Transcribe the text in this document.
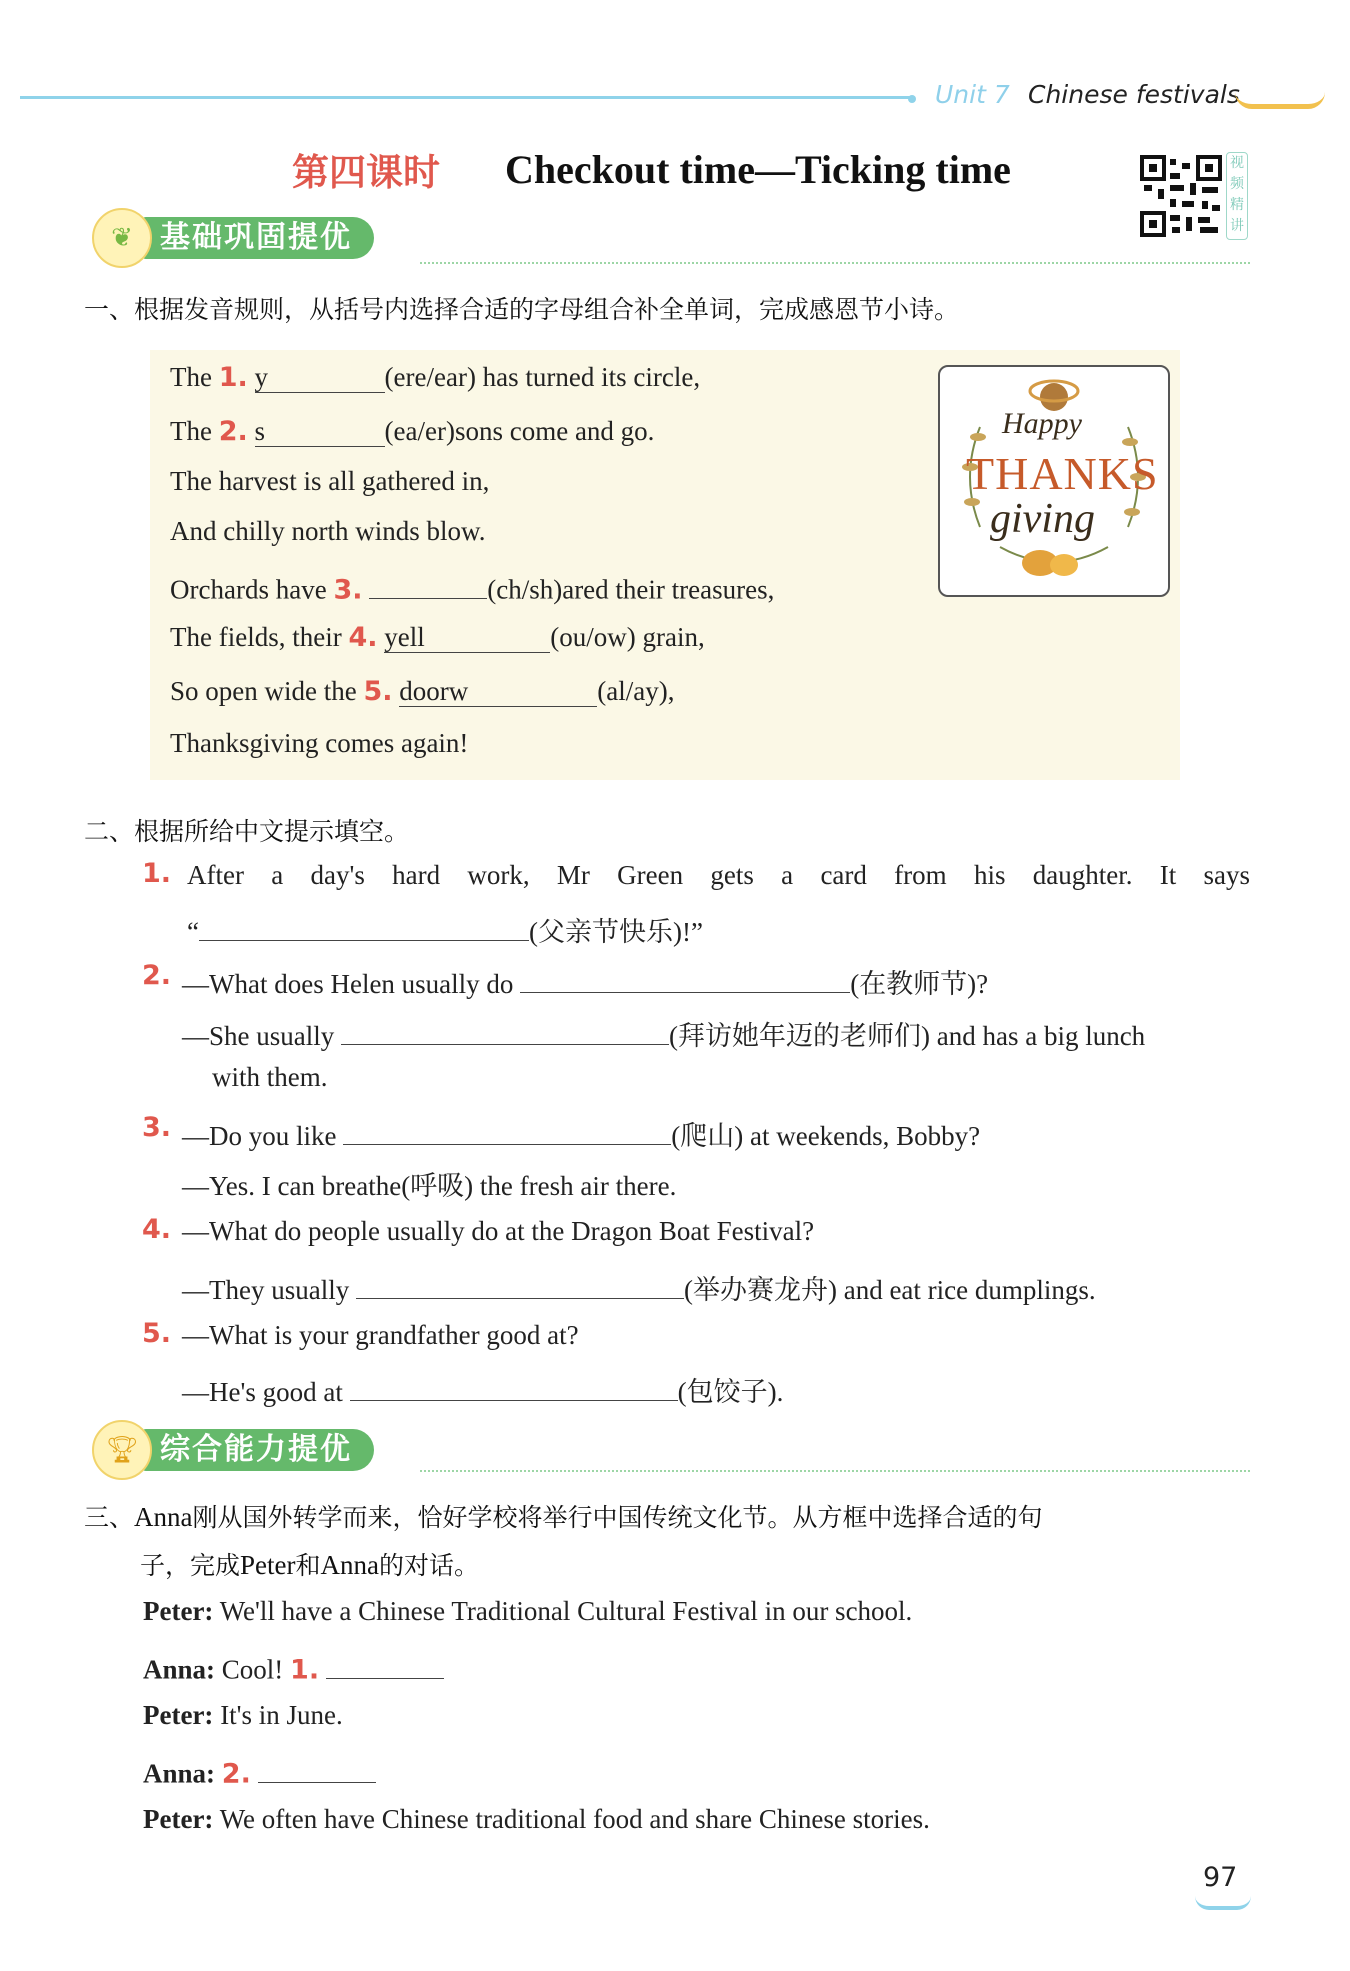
Unit 7 Chinese festivals
第四课时 Checkout time—Ticking time	视频精讲
❦ 基础巩固提优
一、根据发音规则，从括号内选择合适的字母组合补全单词，完成感恩节小诗。
The 1. y	(ere/ear) has turned its circle,
The 2. s	(ea/er)sons come and go.
The harvest is all gathered in,
And chilly north winds blow.
Orchards have 3.	(ch/sh)ared their treasures,
The fields, their 4. yell	(ou/ow) grain,
So open wide the 5. doorw	(al/ay),
Thanksgiving comes again!
Happy
THANKS
giving
二、根据所给中文提示填空。
1. After a day's hard work, Mr Green gets a card from his daughter. It says
“	(父亲节快乐)!”
2. —What does Helen usually do	(在教师节)?
—She usually	(拜访她年迈的老师们) and has a big lunch
with them.
3. —Do you like	(爬山) at weekends, Bobby?
—Yes. I can breathe(呼吸) the fresh air there.
4. —What do people usually do at the Dragon Boat Festival?
—They usually	(举办赛龙舟) and eat rice dumplings.
5. —What is your grandfather good at?
—He's good at	(包饺子).
🏆︎ 综合能力提优
三、Anna刚从国外转学而来，恰好学校将举行中国传统文化节。从方框中选择合适的句
子，完成Peter和Anna的对话。
Peter: We'll have a Chinese Traditional Cultural Festival in our school.
Anna: Cool! 1.
Peter: It's in June.
Anna: 2.
Peter: We often have Chinese traditional food and share Chinese stories.
97
